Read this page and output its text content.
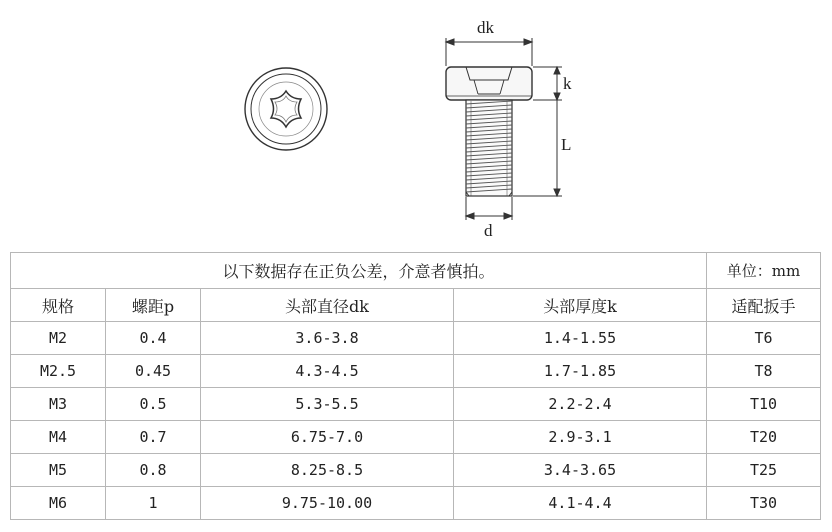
dk
k
L
d
以下数据存在正负公差，介意者慎拍。				单位：mm
规格	螺距p	头部直径dk	头部厚度k	适配扳手
M2	0.4	3.6-3.8	1.4-1.55	T6
M2.5	0.45	4.3-4.5	1.7-1.85	T8
M3	0.5	5.3-5.5	2.2-2.4	T10
M4	0.7	6.75-7.0	2.9-3.1	T20
M5	0.8	8.25-8.5	3.4-3.65	T25
M6	1	9.75-10.00	4.1-4.4	T30
